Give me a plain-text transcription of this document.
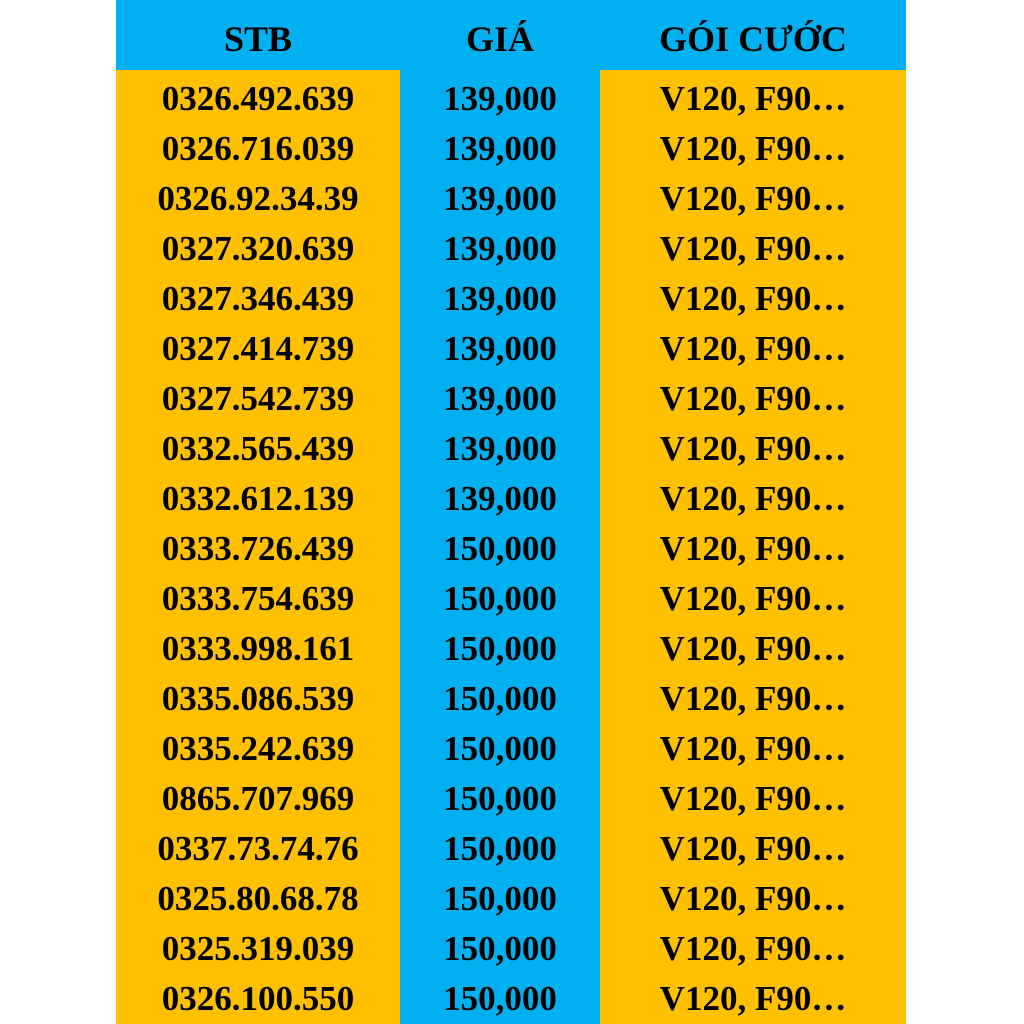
STB	GIÁ	GÓI CƯỚC
0326.492.639	139,000	V120, F90…
0326.716.039	139,000	V120, F90…
0326.92.34.39	139,000	V120, F90…
0327.320.639	139,000	V120, F90…
0327.346.439	139,000	V120, F90…
0327.414.739	139,000	V120, F90…
0327.542.739	139,000	V120, F90…
0332.565.439	139,000	V120, F90…
0332.612.139	139,000	V120, F90…
0333.726.439	150,000	V120, F90…
0333.754.639	150,000	V120, F90…
0333.998.161	150,000	V120, F90…
0335.086.539	150,000	V120, F90…
0335.242.639	150,000	V120, F90…
0865.707.969	150,000	V120, F90…
0337.73.74.76	150,000	V120, F90…
0325.80.68.78	150,000	V120, F90…
0325.319.039	150,000	V120, F90…
0326.100.550	150,000	V120, F90…
